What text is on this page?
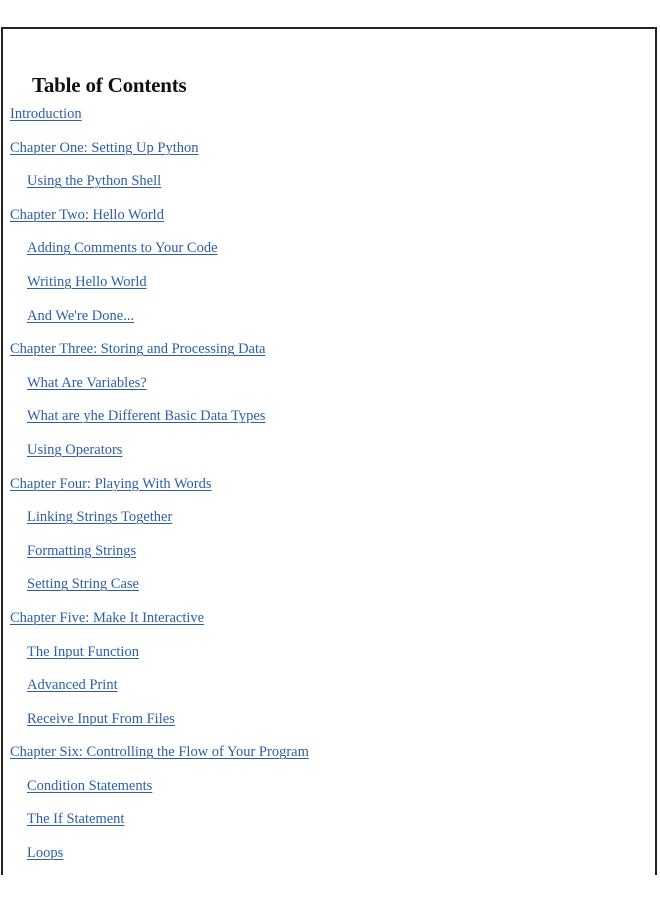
Table of Contents
Introduction
Chapter One: Setting Up Python
Using the Python Shell
Chapter Two: Hello World
Adding Comments to Your Code
Writing Hello World
And We're Done...
Chapter Three: Storing and Processing Data
What Are Variables?
What are yhe Different Basic Data Types
Using Operators
Chapter Four: Playing With Words
Linking Strings Together
Formatting Strings
Setting String Case
Chapter Five: Make It Interactive
The Input Function
Advanced Print
Receive Input From Files
Chapter Six: Controlling the Flow of Your Program
Condition Statements
The If Statement
Loops
